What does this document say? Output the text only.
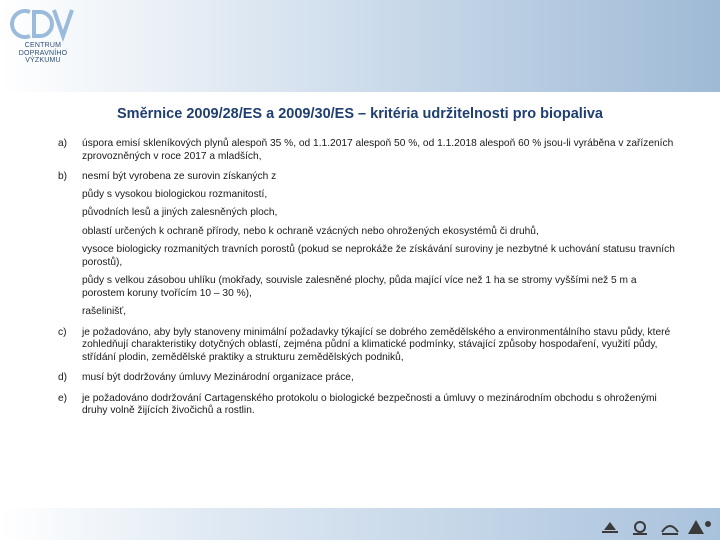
CENTRUM
DOPRAVNÍHO
VÝZKUMU
Směrnice 2009/28/ES a 2009/30/ES – kritéria udržitelnosti pro biopaliva
a) úspora emisí skleníkových plynů alespoň 35 %, od 1.1.2017 alespoň 50 %, od 1.1.2018 alespoň 60 % jsou-li vyráběna v zařízeních zprovozněných v roce 2017 a mladších,
b) nesmí být vyrobena ze surovin získaných z
půdy s vysokou biologickou rozmanitostí,
původních lesů a jiných zalesněných ploch,
oblastí určených k ochraně přírody, nebo k ochraně vzácných nebo ohrožených ekosystémů či druhů,
vysoce biologicky rozmanitých travních porostů (pokud se neprokáže že získávání suroviny je nezbytné k uchování statusu travních porostů),
půdy s velkou zásobou uhlíku (mokřady, souvisle zalesněné plochy, půda mající více než 1 ha se stromy vyššími než 5 m a porostem koruny tvořícím 10 – 30 %),
rašelinišť,
c) je požadováno, aby byly stanoveny minimální požadavky týkající se dobrého zemědělského a environmentálního stavu půdy, které zohledňují charakteristiky dotyčných oblastí, zejména půdní a klimatické podmínky, stávající způsoby hospodaření, využití půdy, střídání plodin, zemědělské praktiky a strukturu zemědělských podniků,
d) musí být dodržovány úmluvy Mezinárodní organizace práce,
e) je požadováno dodržování Cartagenského protokolu o biologické bezpečnosti a úmluvy o mezinárodním obchodu s ohroženými druhy volně žijících živočichů a rostlin.
